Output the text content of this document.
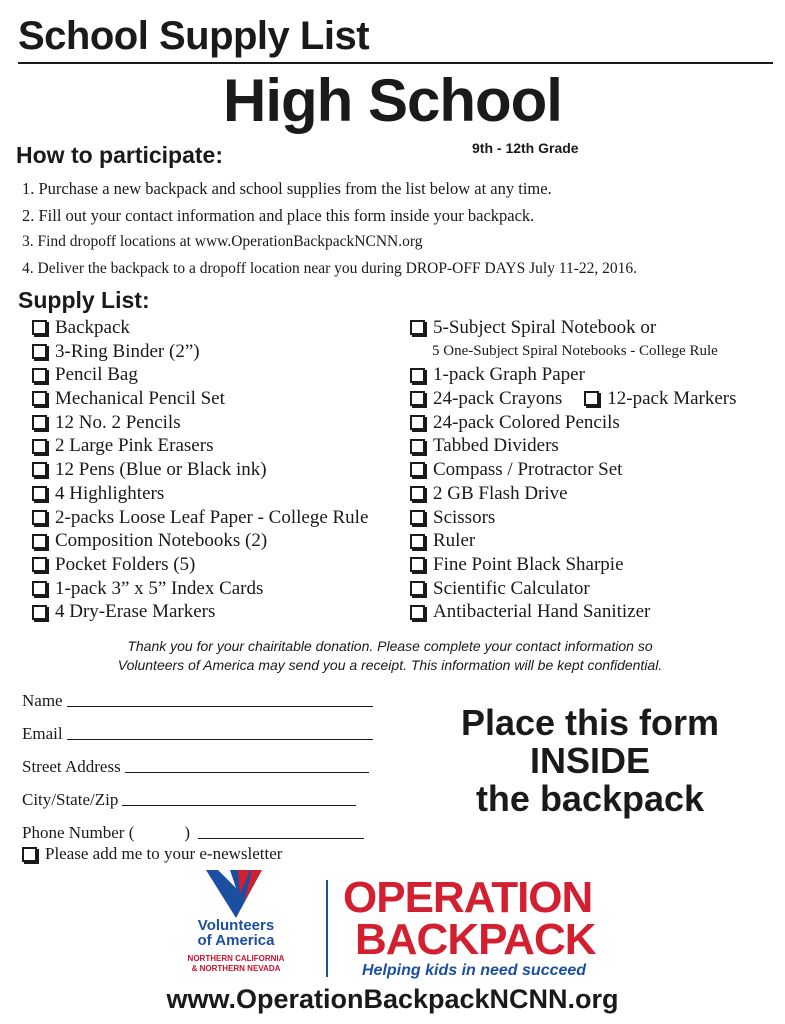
School Supply List
High School
9th - 12th Grade
How to participate:
1. Purchase a new backpack and school supplies from the list below at any time.
2. Fill out your contact information and place this form inside your backpack.
3. Find dropoff locations at www.OperationBackpackNCNN.org
4. Deliver the backpack to a dropoff location near you during DROP-OFF DAYS July 11-22, 2016.
Supply List:
Backpack
3-Ring Binder (2”)
Pencil Bag
Mechanical Pencil Set
12 No. 2 Pencils
2 Large Pink Erasers
12 Pens (Blue or Black ink)
4 Highlighters
2-packs Loose Leaf Paper - College Rule
Composition Notebooks (2)
Pocket Folders (5)
1-pack 3” x 5” Index Cards
4 Dry-Erase Markers
5-Subject Spiral Notebook or
5 One-Subject Spiral Notebooks - College Rule
1-pack Graph Paper
24-pack Crayons 12-pack Markers
24-pack Colored Pencils
Tabbed Dividers
Compass / Protractor Set
2 GB Flash Drive
Scissors
Ruler
Fine Point Black Sharpie
Scientific Calculator
Antibacterial Hand Sanitizer
Thank you for your chairitable donation. Please complete your contact information so
Volunteers of America may send you a receipt. This information will be kept confidential.
Name
Email
Street Address
City/State/Zip
Phone Number (	)
Please add me to your e-newsletter
Place this form
INSIDE
the backpack
Volunteers
of America
NORTHERN CALIFORNIA
& NORTHERN NEVADA
OPERATION
BACKPACK
Helping kids in need succeed
www.OperationBackpackNCNN.org
